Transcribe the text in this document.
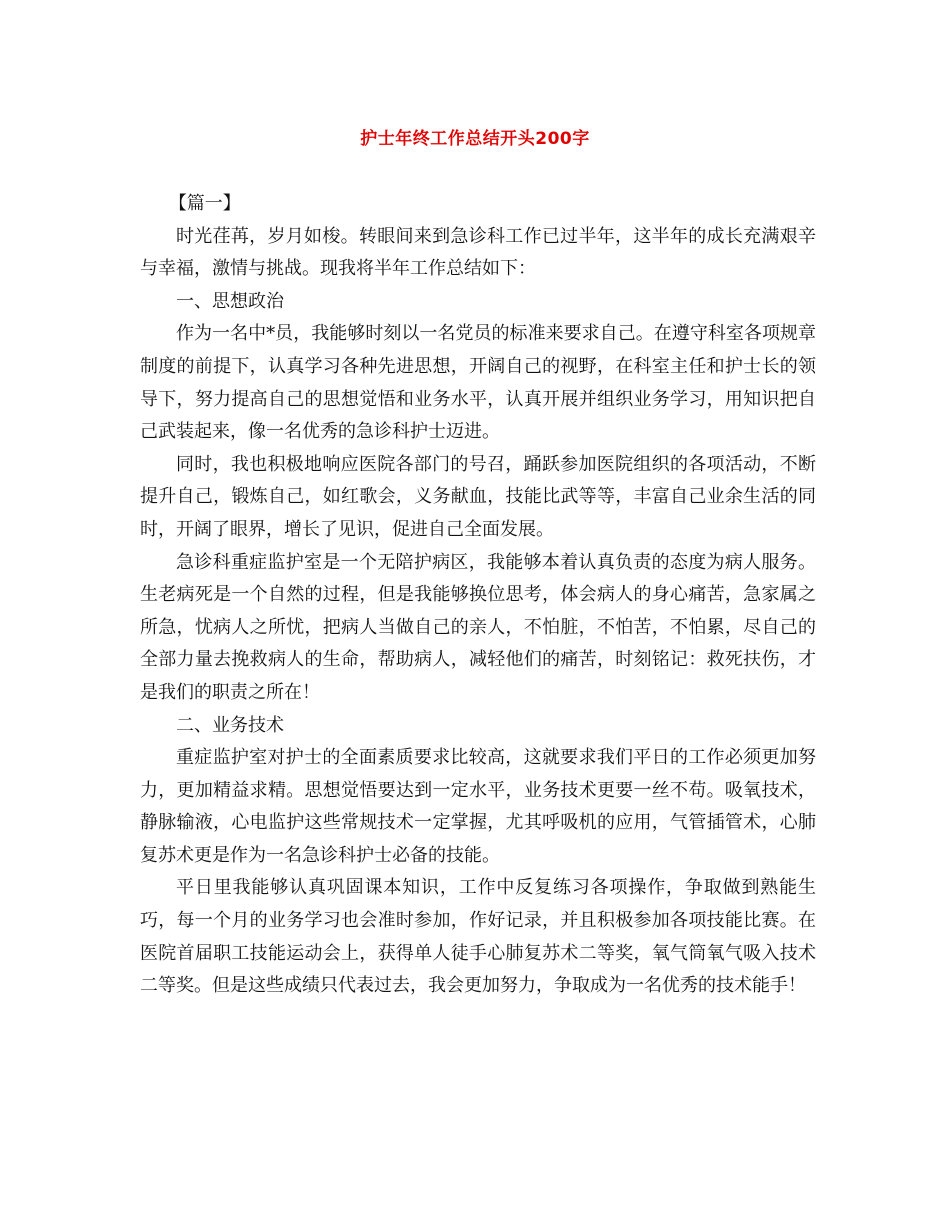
护士年终工作总结开头200字

【篇一】

时光荏苒，岁月如梭。转眼间来到急诊科工作已过半年，这半年的成长充满艰辛与幸福，激情与挑战。现我将半年工作总结如下：

一、思想政治

作为一名中*员，我能够时刻以一名党员的标准来要求自己。在遵守科室各项规章制度的前提下，认真学习各种先进思想，开阔自己的视野，在科室主任和护士长的领导下，努力提高自己的思想觉悟和业务水平，认真开展并组织业务学习，用知识把自己武装起来，像一名优秀的急诊科护士迈进。

同时，我也积极地响应医院各部门的号召，踊跃参加医院组织的各项活动，不断提升自己，锻炼自己，如红歌会，义务献血，技能比武等等，丰富自己业余生活的同时，开阔了眼界，增长了见识，促进自己全面发展。

急诊科重症监护室是一个无陪护病区，我能够本着认真负责的态度为病人服务。生老病死是一个自然的过程，但是我能够换位思考，体会病人的身心痛苦，急家属之所急，忧病人之所忧，把病人当做自己的亲人，不怕脏，不怕苦，不怕累，尽自己的全部力量去挽救病人的生命，帮助病人，减轻他们的痛苦，时刻铭记：救死扶伤，才是我们的职责之所在！

二、业务技术

重症监护室对护士的全面素质要求比较高，这就要求我们平日的工作必须更加努力，更加精益求精。思想觉悟要达到一定水平，业务技术更要一丝不苟。吸氧技术，静脉输液，心电监护这些常规技术一定掌握，尤其呼吸机的应用，气管插管术，心肺复苏术更是作为一名急诊科护士必备的技能。

平日里我能够认真巩固课本知识，工作中反复练习各项操作，争取做到熟能生巧，每一个月的业务学习也会准时参加，作好记录，并且积极参加各项技能比赛。在医院首届职工技能运动会上，获得单人徒手心肺复苏术二等奖，氧气筒氧气吸入技术二等奖。但是这些成绩只代表过去，我会更加努力，争取成为一名优秀的技术能手！
